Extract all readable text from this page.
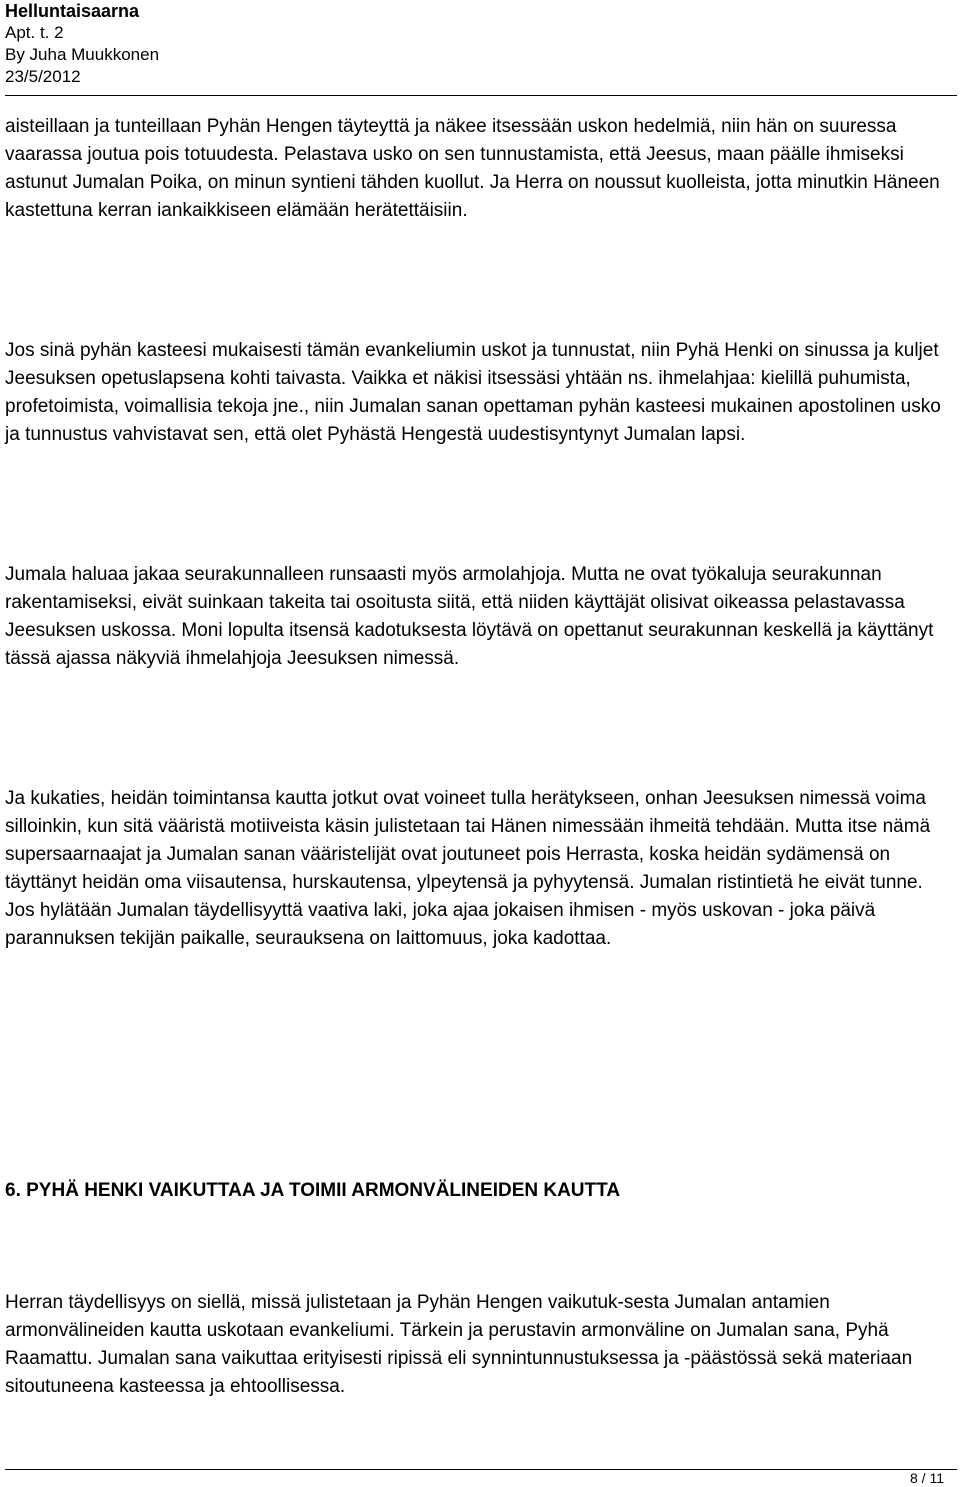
Helluntaisaarna
Apt. t. 2
By Juha Muukkonen
23/5/2012

aisteillaan ja tunteillaan Pyhän Hengen täyteyttä ja näkee itsessään uskon hedelmiä, niin hän on suuressa vaarassa joutua pois totuudesta. Pelastava usko on sen tunnustamista, että Jeesus, maan päälle ihmiseksi astunut Jumalan Poika, on minun syntieni tähden kuollut. Ja Herra on noussut kuolleista, jotta minutkin Häneen kastettuna kerran iankaikkiseen elämään herätettäisiin.

Jos sinä pyhän kasteesi mukaisesti tämän evankeliumin uskot ja tunnustat, niin Pyhä Henki on sinussa ja kuljet Jeesuksen opetuslapsena kohti taivasta. Vaikka et näkisi itsessäsi yhtään ns. ihmelahjaa: kielillä puhumista, profetoimista, voimallisia tekoja jne., niin Jumalan sanan opettaman pyhän kasteesi mukainen apostolinen usko ja tunnustus vahvistavat sen, että olet Pyhästä Hengestä uudestisyntynyt Jumalan lapsi.

Jumala haluaa jakaa seurakunnalleen runsaasti myös armolahjoja. Mutta ne ovat työkaluja seurakunnan rakentamiseksi, eivät suinkaan takeita tai osoitusta siitä, että niiden käyttäjät olisivat oikeassa pelastavassa Jeesuksen uskossa. Moni lopulta itsensä kadotuksesta löytävä on opettanut seurakunnan keskellä ja käyttänyt tässä ajassa näkyviä ihmelahjoja Jeesuksen nimessä.

Ja kukaties, heidän toimintansa kautta jotkut ovat voineet tulla herätykseen, onhan Jeesuksen nimessä voima silloinkin, kun sitä vääristä motiiveista käsin julistetaan tai Hänen nimessään ihmeitä tehdään. Mutta itse nämä supersaarnaajat ja Jumalan sanan vääristelijät ovat joutuneet pois Herrasta, koska heidän sydämensä on täyttänyt heidän oma viisautensa, hurskautensa, ylpeytensä ja pyhyytensä. Jumalan ristintietä he eivät tunne. Jos hylätään Jumalan täydellisyyttä vaativa laki, joka ajaa jokaisen ihmisen - myös uskovan - joka päivä parannuksen tekijän paikalle, seurauksena on laittomuus, joka kadottaa.

6. PYHÄ HENKI VAIKUTTAA JA TOIMII ARMONVÄLINEIDEN KAUTTA

Herran täydellisyys on siellä, missä julistetaan ja Pyhän Hengen vaikutuk-sesta Jumalan antamien armonvälineiden kautta uskotaan evankeliumi. Tärkein ja perustavin armonväline on Jumalan sana, Pyhä Raamattu. Jumalan sana vaikuttaa erityisesti ripissä eli synnintunnustuksessa ja -päästössä sekä materiaan sitoutuneena kasteessa ja ehtoollisessa.

8 / 11
